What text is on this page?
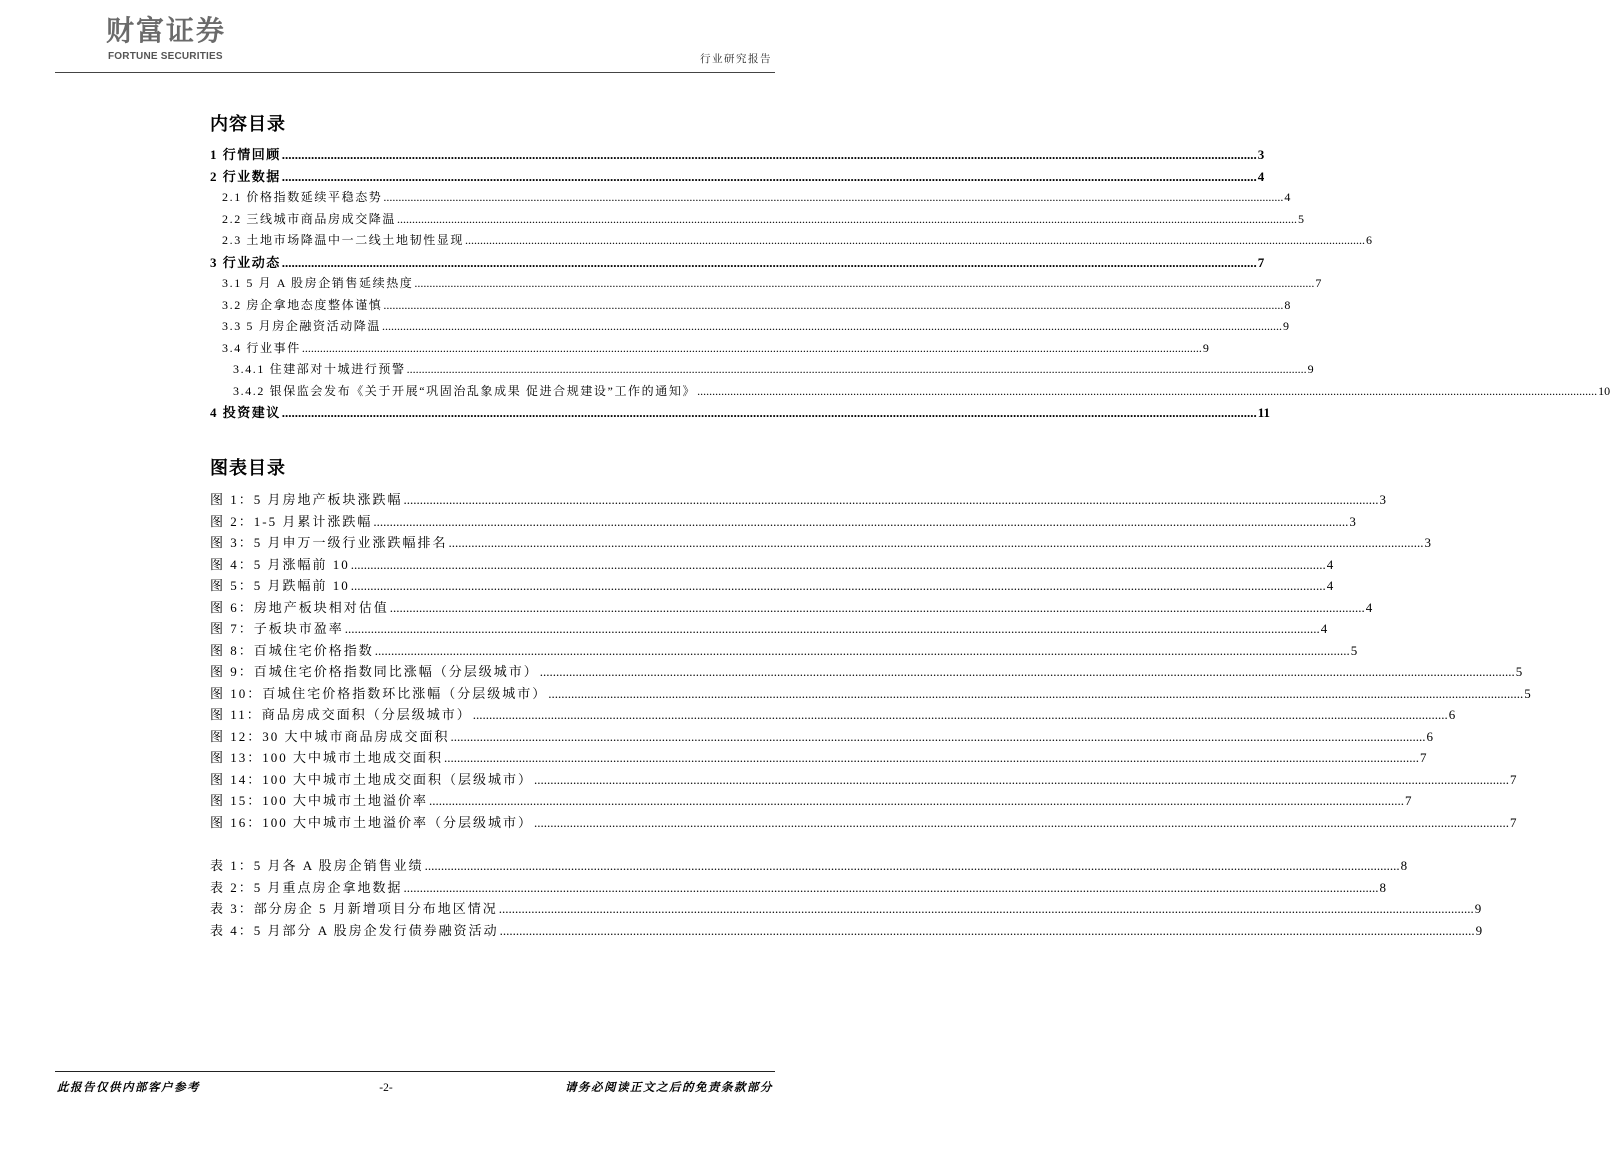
财富证券
FORTUNE SECURITIES	行业研究报告
内容目录
1 行情回顾 .....	3
2 行业数据 .....	4
2.1 价格指数延续平稳态势 .....	4
2.2 三线城市商品房成交降温 .....	5
2.3 土地市场降温中一二线土地韧性显现 .....	6
3 行业动态 .....	7
3.1 5 月 A 股房企销售延续热度 .....	7
3.2 房企拿地态度整体谨慎 .....	8
3.3 5 月房企融资活动降温 .....	9
3.4 行业事件 .....	9
3.4.1 住建部对十城进行预警 .....	9
3.4.2 银保监会发布《关于开展“巩固治乱象成果 促进合规建设”工作的通知》 .....	10
4 投资建议 .....	11
图表目录
图 1：5 月房地产板块涨跌幅 .....	3
图 2：1-5 月累计涨跌幅 .....	3
图 3：5 月申万一级行业涨跌幅排名 .....	3
图 4：5 月涨幅前 10 .....	4
图 5：5 月跌幅前 10 .....	4
图 6：房地产板块相对估值 .....	4
图 7：子板块市盈率 .....	4
图 8：百城住宅价格指数 .....	5
图 9：百城住宅价格指数同比涨幅（分层级城市） .....	5
图 10：百城住宅价格指数环比涨幅（分层级城市） .....	5
图 11：商品房成交面积（分层级城市） .....	6
图 12：30 大中城市商品房成交面积 .....	6
图 13：100 大中城市土地成交面积 .....	7
图 14：100 大中城市土地成交面积（层级城市） .....	7
图 15：100 大中城市土地溢价率 .....	7
图 16：100 大中城市土地溢价率（分层级城市） .....	7
表 1：5 月各 A 股房企销售业绩 .....	8
表 2：5 月重点房企拿地数据 .....	8
表 3：部分房企 5 月新增项目分布地区情况 .....	9
表 4：5 月部分 A 股房企发行债券融资活动 .....	9
此报告仅供内部客户参考	-2-	请务必阅读正文之后的免责条款部分
